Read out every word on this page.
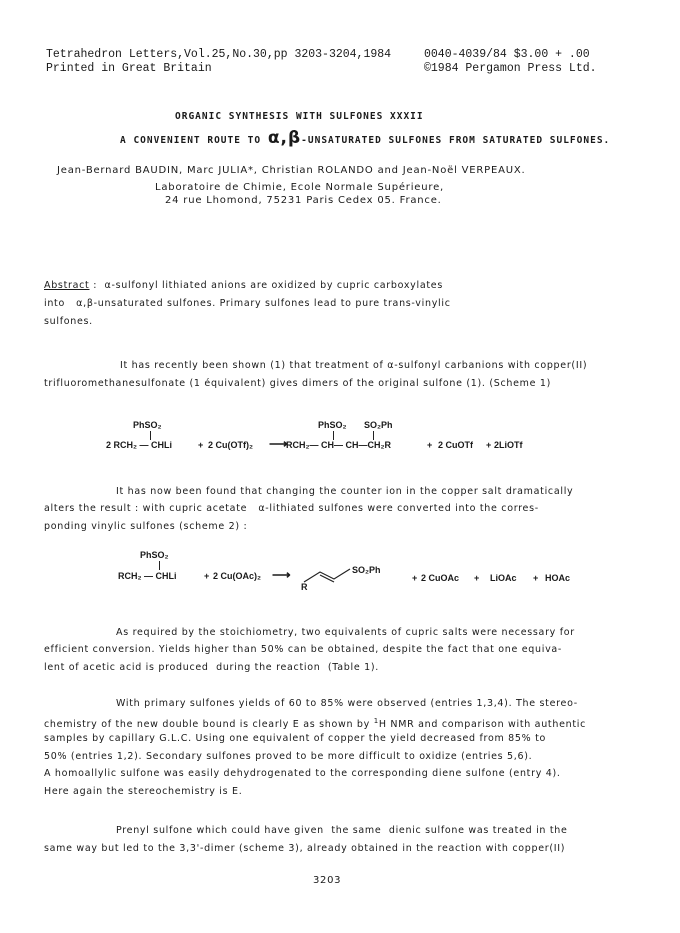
Tetrahedron Letters,Vol.25,No.30,pp 3203-3204,1984	0040-4039/84 $3.00 + .00
Printed in Great Britain	©1984 Pergamon Press Ltd.
ORGANIC SYNTHESIS WITH SULFONES XXXII
A CONVENIENT ROUTE TO α,β-UNSATURATED SULFONES FROM SATURATED SULFONES.
Jean-Bernard BAUDIN, Marc JULIA*, Christian ROLANDO and Jean-Noël VERPEAUX.
Laboratoire de Chimie, Ecole Normale Supérieure,
24 rue Lhomond, 75231 Paris Cedex 05. France.
Abstract :  α-sulfonyl lithiated anions are oxidized by cupric carboxylates
into   α,β-unsaturated sulfones. Primary sulfones lead to pure trans-vinylic
sulfones.
It has recently been shown (1) that treatment of α-sulfonyl carbanions with copper(II)
trifluoromethanesulfonate (1 équivalent) gives dimers of the original sulfone (1). (Scheme 1)
PhSO₂
2 RCH₂ — CHLi	+ 2 Cu(OTf)₂ ⟶
PhSO₂ SO₂Ph
RCH₂— CH— CH—CH₂R	+ 2 CuOTf + 2LiOTf
It has now been found that changing the counter ion in the copper salt dramatically
alters the result : with cupric acetate   α-lithiated sulfones were converted into the corres-
ponding vinylic sulfones (scheme 2) :
PhSO₂
RCH₂ — CHLi	+ 2 Cu(OAc)₂ ⟶
R
SO₂Ph
+ 2 CuOAc + LiOAc + HOAc
As required by the stoichiometry, two equivalents of cupric salts were necessary for
efficient conversion. Yields higher than 50% can be obtained, despite the fact that one equiva-
lent of acetic acid is produced  during the reaction  (Table 1).
With primary sulfones yields of 60 to 85% were observed (entries 1,3,4). The stereo-
chemistry of the new double bound is clearly E as shown by $^1$H NMR and comparison with authentic
samples by capillary G.L.C. Using one equivalent of copper the yield decreased from 85% to
50% (entries 1,2). Secondary sulfones proved to be more difficult to oxidize (entries 5,6).
A homoallylic sulfone was easily dehydrogenated to the corresponding diene sulfone (entry 4).
Here again the stereochemistry is E.
Prenyl sulfone which could have given  the same  dienic sulfone was treated in the
same way but led to the 3,3'-dimer (scheme 3), already obtained in the reaction with copper(II)
3203
